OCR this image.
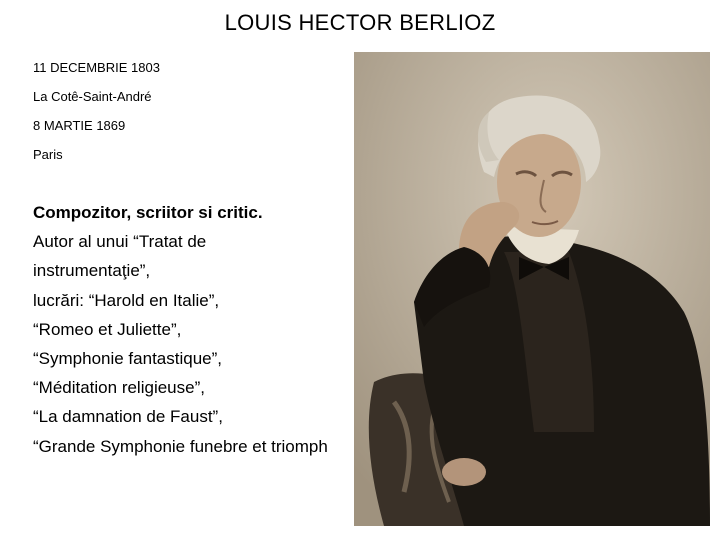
LOUIS HECTOR BERLIOZ
11 DECEMBRIE 1803
La Cotê-Saint-André
8 MARTIE 1869
Paris
Compozitor, scriitor si critic.
Autor al unui “Tratat de
instrumentaţie”,
lucrări: “Harold en Italie”,
“Romeo et Juliette”,
“Symphonie fantastique”,
“Méditation religieuse”,
“La damnation de Faust”,
“Grande Symphonie funebre et triomph
